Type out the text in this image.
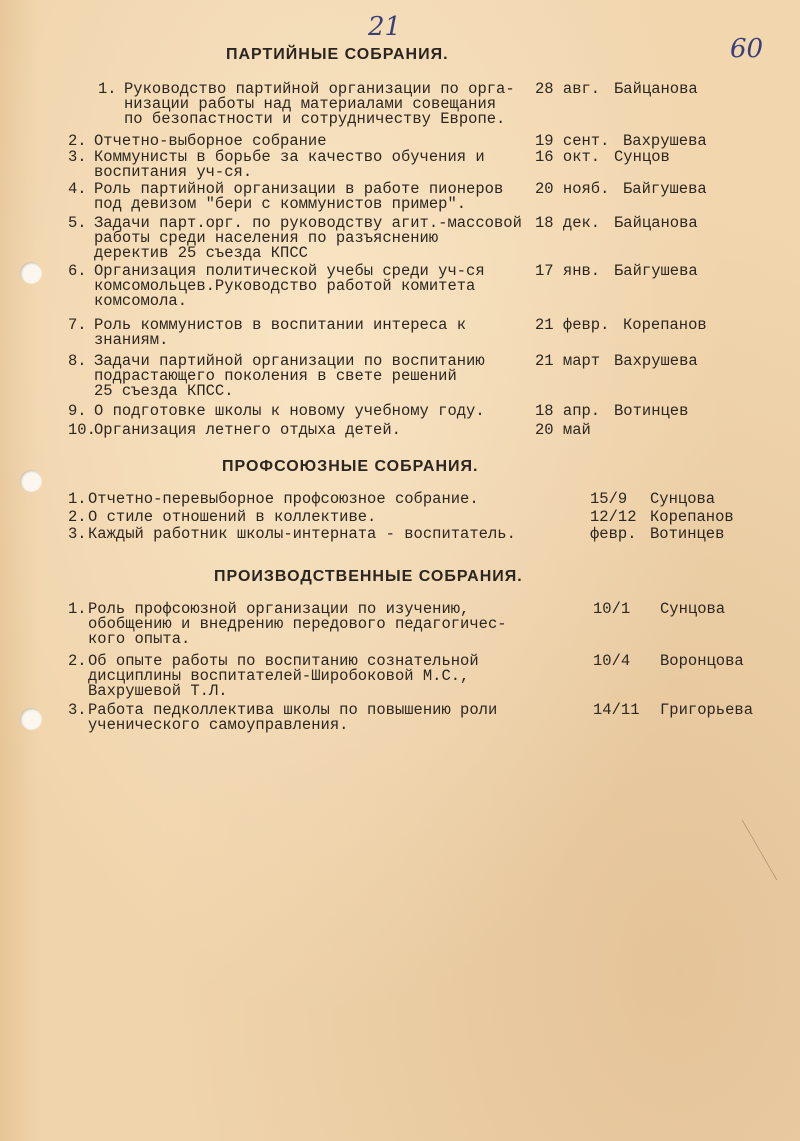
21
60
ПАРТИЙНЫЕ СОБРАНИЯ.
1. Руководство партийной организации по орга-
низации работы над материалами совещания
по безопастности и сотрудничеству Европе.
28 авг. Байцанова
2. Отчетно-выборное собрание	19 сент. Вахрушева
3. Коммунисты в борьбе за качество обучения и
воспитания уч-ся.
16 окт. Сунцов
4. Роль партийной организации в работе пионеров
под девизом "бери с коммунистов пример".
20 нояб. Байгушева
5. Задачи парт.орг. по руководству агит.-массовой
работы среди населения по разъяснению
деректив 25 съезда КПСС
18 дек. Байцанова
6. Организация политической учебы среди уч-ся
комсомольцев.Руководство работой комитета
комсомола.
17 янв. Байгушева
7. Роль коммунистов в воспитании интереса к
знаниям.
21 февр. Корепанов
8. Задачи партийной организации по воспитанию
подрастающего поколения в свете решений
25 съезда КПСС.
21 март Вахрушева
9. О подготовке школы к новому учебному году.	18 апр. Вотинцев
10.
Организация летнего отдыха детей.	20 май
ПРОФСОЮЗНЫЕ СОБРАНИЯ.
1. Отчетно-перевыборное профсоюзное собрание.	15/9 Сунцова
2. О стиле отношений в коллективе.	12/12 Корепанов
3. Каждый работник школы-интерната - воспитатель.	февр. Вотинцев
ПРОИЗВОДСТВЕННЫЕ СОБРАНИЯ.
1. Роль профсоюзной организации по изучению,
обобщению и внедрению передового педагогичес-
кого опыта.
10/1 Сунцова
2. Об опыте работы по воспитанию сознательной
дисциплины воспитателей-Широбоковой М.С.,
Вахрушевой Т.Л.
10/4 Воронцова
3. Работа педколлектива школы по повышению роли
ученического самоуправления.
14/11 Григорьева
